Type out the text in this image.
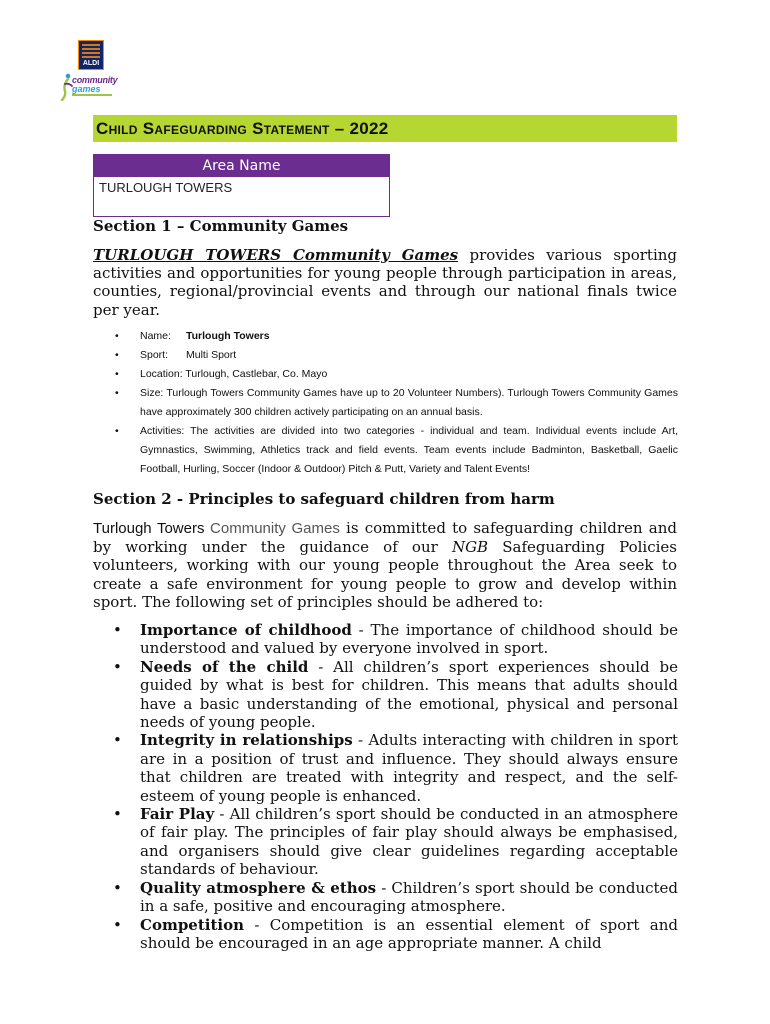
ALDI
community
games
Child Safeguarding Statement – 2022
Area Name
TURLOUGH TOWERS
Section 1 – Community Games
TURLOUGH TOWERS Community Games provides various sporting activities and opportunities for young people through participation in areas, counties, regional/provincial events and through our national finals twice per year.
• Name: Turlough Towers
• Sport: Multi Sport
• Location: Turlough, Castlebar, Co. Mayo
• Size: Turlough Towers Community Games have up to 20 Volunteer Numbers). Turlough Towers Community Games have approximately 300 children actively participating on an annual basis.
• Activities: The activities are divided into two categories - individual and team. Individual events include Art, Gymnastics, Swimming, Athletics track and field events. Team events include Badminton, Basketball, Gaelic Football, Hurling, Soccer (Indoor & Outdoor) Pitch & Putt, Variety and Talent Events!
Section 2 - Principles to safeguard children from harm
Turlough Towers Community Games is committed to safeguarding children and by working under the guidance of our NGB Safeguarding Policies volunteers, working with our young people throughout the Area seek to create a safe environment for young people to grow and develop within sport. The following set of principles should be adhered to:
• Importance of childhood - The importance of childhood should be understood and valued by everyone involved in sport.
• Needs of the child - All children’s sport experiences should be guided by what is best for children. This means that adults should have a basic understanding of the emotional, physical and personal needs of young people.
• Integrity in relationships - Adults interacting with children in sport are in a position of trust and influence. They should always ensure that children are treated with integrity and respect, and the self-esteem of young people is enhanced.
• Fair Play - All children’s sport should be conducted in an atmosphere of fair play. The principles of fair play should always be emphasised, and organisers should give clear guidelines regarding acceptable standards of behaviour.
• Quality atmosphere & ethos - Children’s sport should be conducted in a safe, positive and encouraging atmosphere.
• Competition - Competition is an essential element of sport and should be encouraged in an age appropriate manner. A child
